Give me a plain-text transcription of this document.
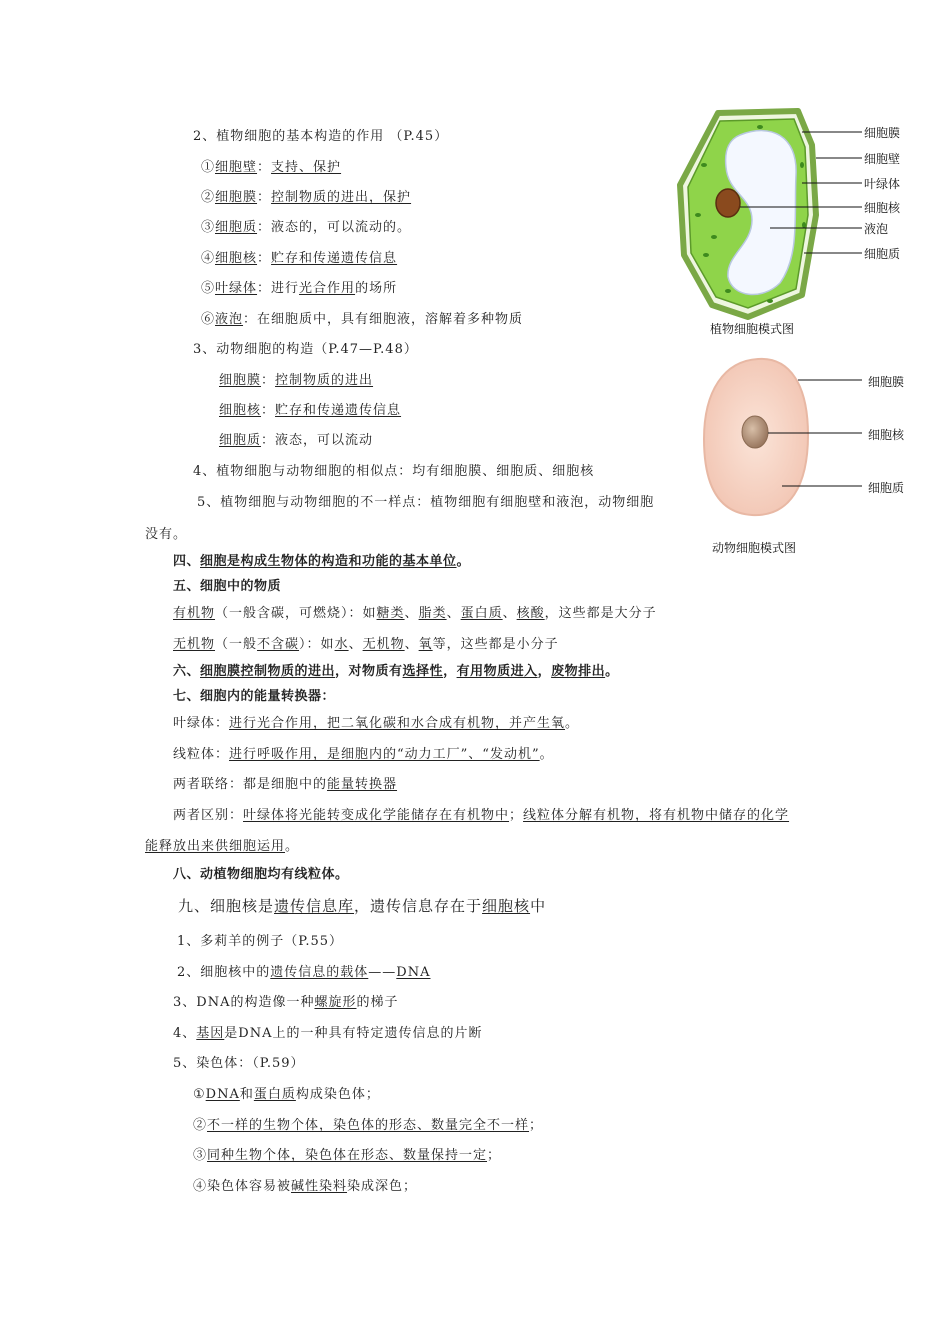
2、植物细胞的基本构造的作用 （P.45）
①细胞壁：支持、保护
②细胞膜：控制物质的进出，保护
③细胞质：液态的，可以流动的。
④细胞核：贮存和传递遗传信息
⑤叶绿体：进行光合作用的场所
⑥液泡：在细胞质中，具有细胞液，溶解着多种物质
3、动物细胞的构造（P.47—P.48）
细胞膜：控制物质的进出
细胞核：贮存和传递遗传信息
细胞质：液态，可以流动
4、植物细胞与动物细胞的相似点：均有细胞膜、细胞质、细胞核
5、植物细胞与动物细胞的不一样点：植物细胞有细胞壁和液泡，动物细胞
没有。
四、细胞是构成生物体的构造和功能的基本单位。
五、细胞中的物质
有机物（一般含碳，可燃烧）：如糖类、脂类、蛋白质、核酸，这些都是大分子
无机物（一般不含碳）：如水、无机物、氧等，这些都是小分子
六、细胞膜控制物质的进出，对物质有选择性，有用物质进入，废物排出。
七、细胞内的能量转换器：
叶绿体：进行光合作用，把二氧化碳和水合成有机物，并产生氧。
线粒体：进行呼吸作用，是细胞内的“动力工厂”、“发动机”。
两者联络：都是细胞中的能量转换器
两者区别：叶绿体将光能转变成化学能储存在有机物中；线粒体分解有机物，将有机物中储存的化学
能释放出来供细胞运用。
八、动植物细胞均有线粒体。
九、细胞核是遗传信息库，遗传信息存在于细胞核中
1、多莉羊的例子（P.55）
2、细胞核中的遗传信息的载体——DNA
3、DNA的构造像一种螺旋形的梯子
4、基因是DNA上的一种具有特定遗传信息的片断
5、染色体：（P.59）
①DNA和蛋白质构成染色体；
②不一样的生物个体，染色体的形态、数量完全不一样；
③同种生物个体，染色体在形态、数量保持一定；
④染色体容易被碱性染料染成深色；
细胞膜
细胞壁
叶绿体
细胞核
液泡
细胞质
植物细胞模式图
细胞膜
细胞核
细胞质
动物细胞模式图
